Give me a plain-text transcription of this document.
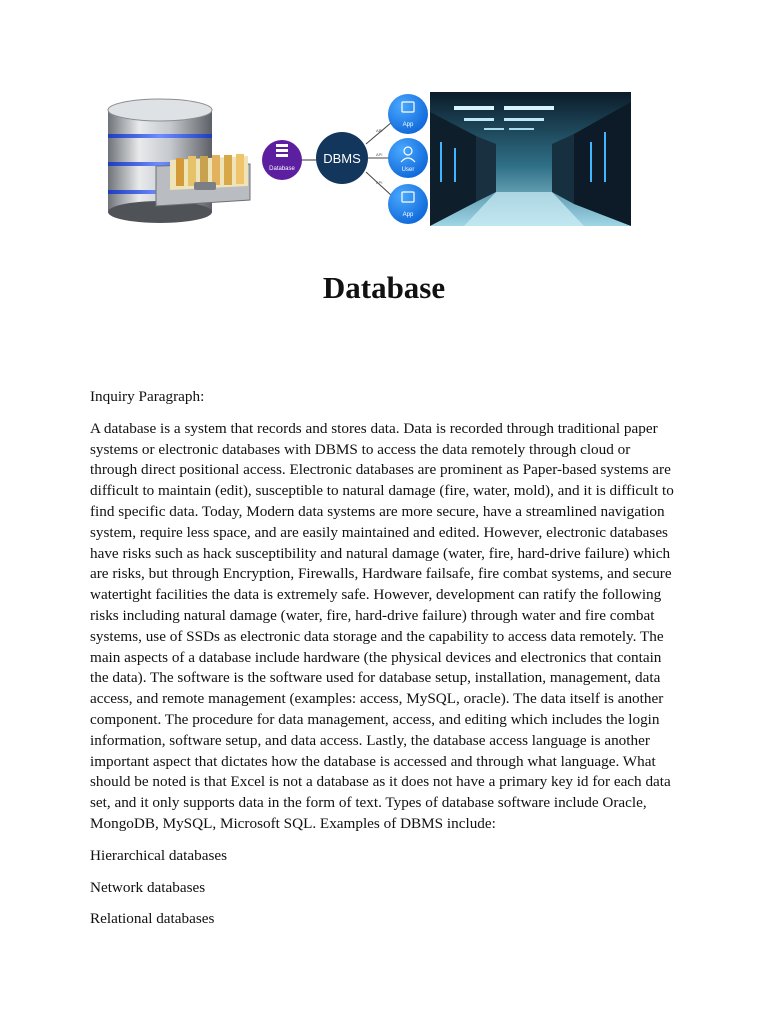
Database
DBMS
API
API
API
App
User
App
Database

Inquiry Paragraph:

A database is a system that records and stores data. Data is recorded through traditional paper systems or electronic databases with DBMS to access the data remotely through cloud or through direct positional access. Electronic databases are prominent as Paper-based systems are difficult to maintain (edit), susceptible to natural damage (fire, water, mold), and it is difficult to find specific data. Today, Modern data systems are more secure, have a streamlined navigation system, require less space, and are easily maintained and edited. However, electronic databases have risks such as hack susceptibility and natural damage (water, fire, hard-drive failure) which are risks, but through Encryption, Firewalls, Hardware failsafe, fire combat systems, and secure watertight facilities the data is extremely safe. However, development can ratify the following risks including natural damage (water, fire, hard-drive failure) through water and fire combat systems, use of SSDs as electronic data storage and the capability to access data remotely. The main aspects of a database include hardware (the physical devices and electronics that contain the data). The software is the software used for database setup, installation, management, data access, and remote management (examples: access, MySQL, oracle). The data itself is another component. The procedure for data management, access, and editing which includes the login information, software setup, and data access. Lastly, the database access language is another important aspect that dictates how the database is accessed and through what language. What should be noted is that Excel is not a database as it does not have a primary key id for each data set, and it only supports data in the form of text. Types of database software include Oracle, MongoDB, MySQL, Microsoft SQL. Examples of DBMS include:

Hierarchical databases

Network databases

Relational databases
